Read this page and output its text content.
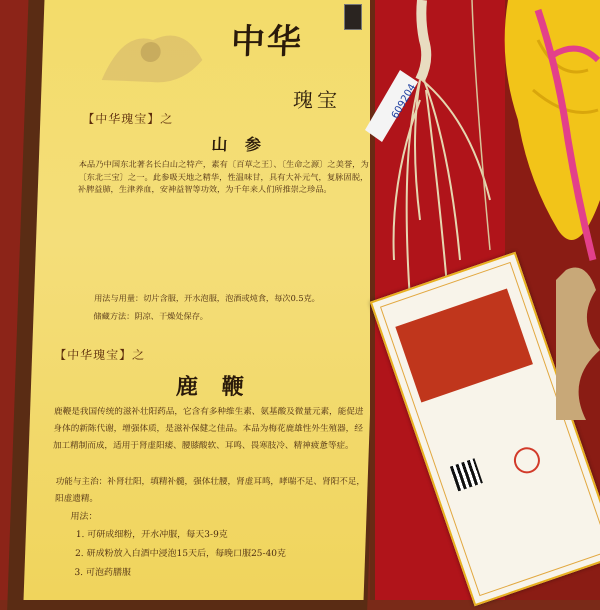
中华
瑰宝
【中华瑰宝】之
山 参
本品乃中国东北著名长白山之特产，素有〔百草之王〕、〔生命之源〕之美誉，为〔东北三宝〕之一。此参吸天地之精华，性温味甘，具有大补元气，复脉固脱，补脾益肺，生津养血，安神益智等功效，为千年来人们所推崇之珍品。
用法与用量：切片含服，开水泡服，泡酒或炖食，每次0.5克。
储藏方法：阴凉、干燥处保存。
【中华瑰宝】之
鹿 鞭
鹿鞭是我国传统的滋补壮阳药品，它含有多种维生素、氨基酸及微量元素，能促进身体的新陈代谢，增强体质，是滋补保健之佳品。本品为梅花鹿雄性外生殖器，经加工精制而成，适用于肾虚阳痿、腰膝酸软、耳鸣、畏寒肢冷、精神疲惫等症。
功能与主治：补肾壮阳，填精补髓，强体壮腰，肾虚耳鸣，哮喘不足、肾阳不足，阳虚遗精。
用法：
1. 可研成细粉，开水冲服，每天3-9克
2. 研成粉放入白酒中浸泡15天后，每晚口服25-40克
3. 可泡药膳服
609204
